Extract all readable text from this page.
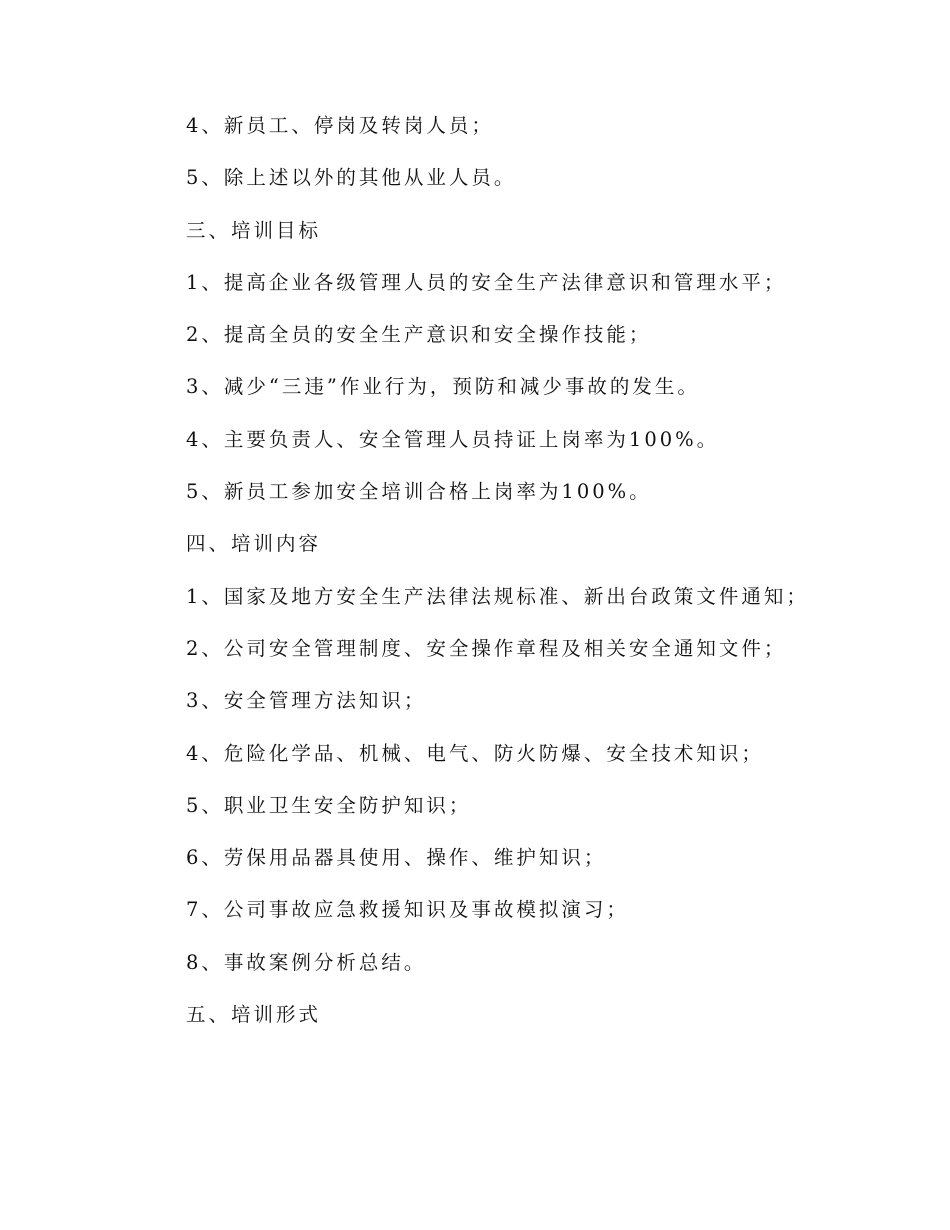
4、新员工、停岗及转岗人员；
5、除上述以外的其他从业人员。
三、培训目标
1、提高企业各级管理人员的安全生产法律意识和管理水平；
2、提高全员的安全生产意识和安全操作技能；
3、减少“三违”作业行为，预防和减少事故的发生。
4、主要负责人、安全管理人员持证上岗率为100%。
5、新员工参加安全培训合格上岗率为100%。
四、培训内容
1、国家及地方安全生产法律法规标准、新出台政策文件通知；
2、公司安全管理制度、安全操作章程及相关安全通知文件；
3、安全管理方法知识；
4、危险化学品、机械、电气、防火防爆、安全技术知识；
5、职业卫生安全防护知识；
6、劳保用品器具使用、操作、维护知识；
7、公司事故应急救援知识及事故模拟演习；
8、事故案例分析总结。
五、培训形式
